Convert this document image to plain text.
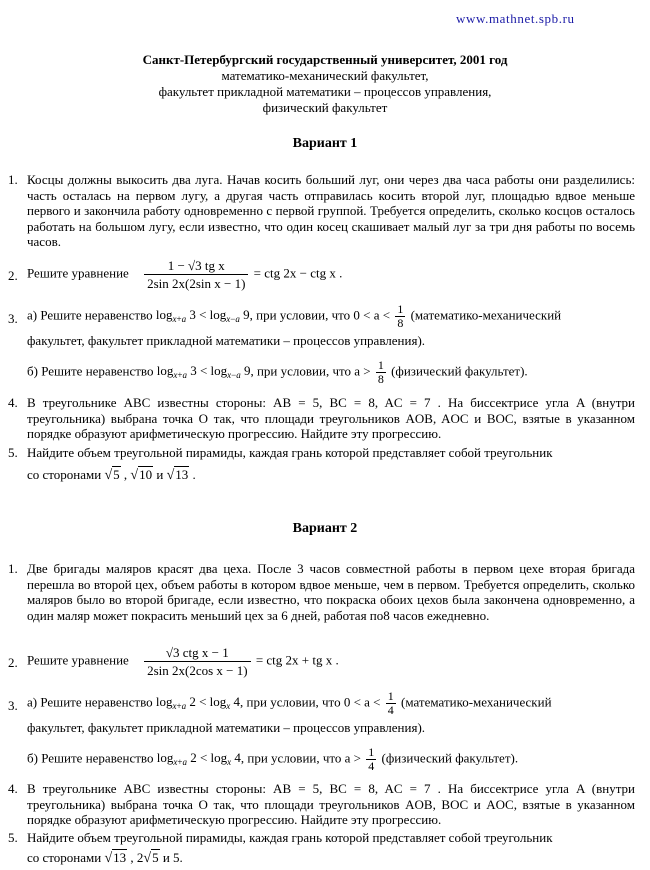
www.mathnet.spb.ru
Санкт-Петербургский государственный университет, 2001 год
математико-механический факультет,
факультет прикладной математики – процессов управления,
физический факультет
Вариант 1
1. Косцы должны выкосить два луга. Начав косить больший луг, они через два часа работы они разделились: часть осталась на первом лугу, а другая часть отправилась косить второй луг, площадью вдвое меньше первого и закончила работу одновременно с первой группой. Требуется определить, сколько косцов осталось работать на большом лугу, если известно, что один косец скашивает малый луг за три дня работы по восемь часов.
2. Решите уравнение $\frac{\text{1 − √3 tg x}}{\text{2sin 2x(2sin x − 1)}}$ = ctg 2x − ctg x .
3. а) Решите неравенство $\log_{x+a} 3 < \log_{x-a} 9$, при условии, что $0 < a < \frac{1}{8}$ (математико-механический
факультет, факультет прикладной математики – процессов управления).
б) Решите неравенство $\log_{x+a} 3 < \log_{x-a} 9$, при условии, что $a > \frac{1}{8}$ (физический факультет).
4. В треугольнике ABC известны стороны: AB = 5, BC = 8, AC = 7 . На биссектрисе угла A (внутри треугольника) выбрана точка O так, что площади треугольников AOB, AOC и BOC, взятые в указанном порядке образуют арифметическую прогрессию. Найдите эту прогрессию.
5. Найдите объем треугольной пирамиды, каждая грань которой представляет собой треугольник
со сторонами √5 , √10 и √13 .
Вариант 2
1. Две бригады маляров красят два цеха. После 3 часов совместной работы в первом цехе вторая бригада перешла во второй цех, объем работы в котором вдвое меньше, чем в первом. Требуется определить, сколько маляров было во второй бригаде, если известно, что покраска обоих цехов была закончена одновременно, а один маляр может покрасить меньший цех за 6 дней, работая по8 часов ежедневно.
2. Решите уравнение $\frac{\text{√3 ctg x − 1}}{\text{2sin 2x(2cos x − 1)}}$ = ctg 2x + tg x .
3. а) Решите неравенство $\log_{x+a} 2 < \log_x 4$, при условии, что $0 < a < \frac{1}{4}$ (математико-механический
факультет, факультет прикладной математики – процессов управления).
б) Решите неравенство $\log_{x+a} 2 < \log_x 4$, при условии, что $a > \frac{1}{4}$ (физический факультет).
4. В треугольнике ABC известны стороны: AB = 5, BC = 8, AC = 7 . На биссектрисе угла A (внутри треугольника) выбрана точка O так, что площади треугольников AOB, BOC и AOC, взятые в указанном порядке образуют арифметическую прогрессию. Найдите эту прогрессию.
5. Найдите объем треугольной пирамиды, каждая грань которой представляет собой треугольник
со сторонами √13 , 2√5 и 5.
